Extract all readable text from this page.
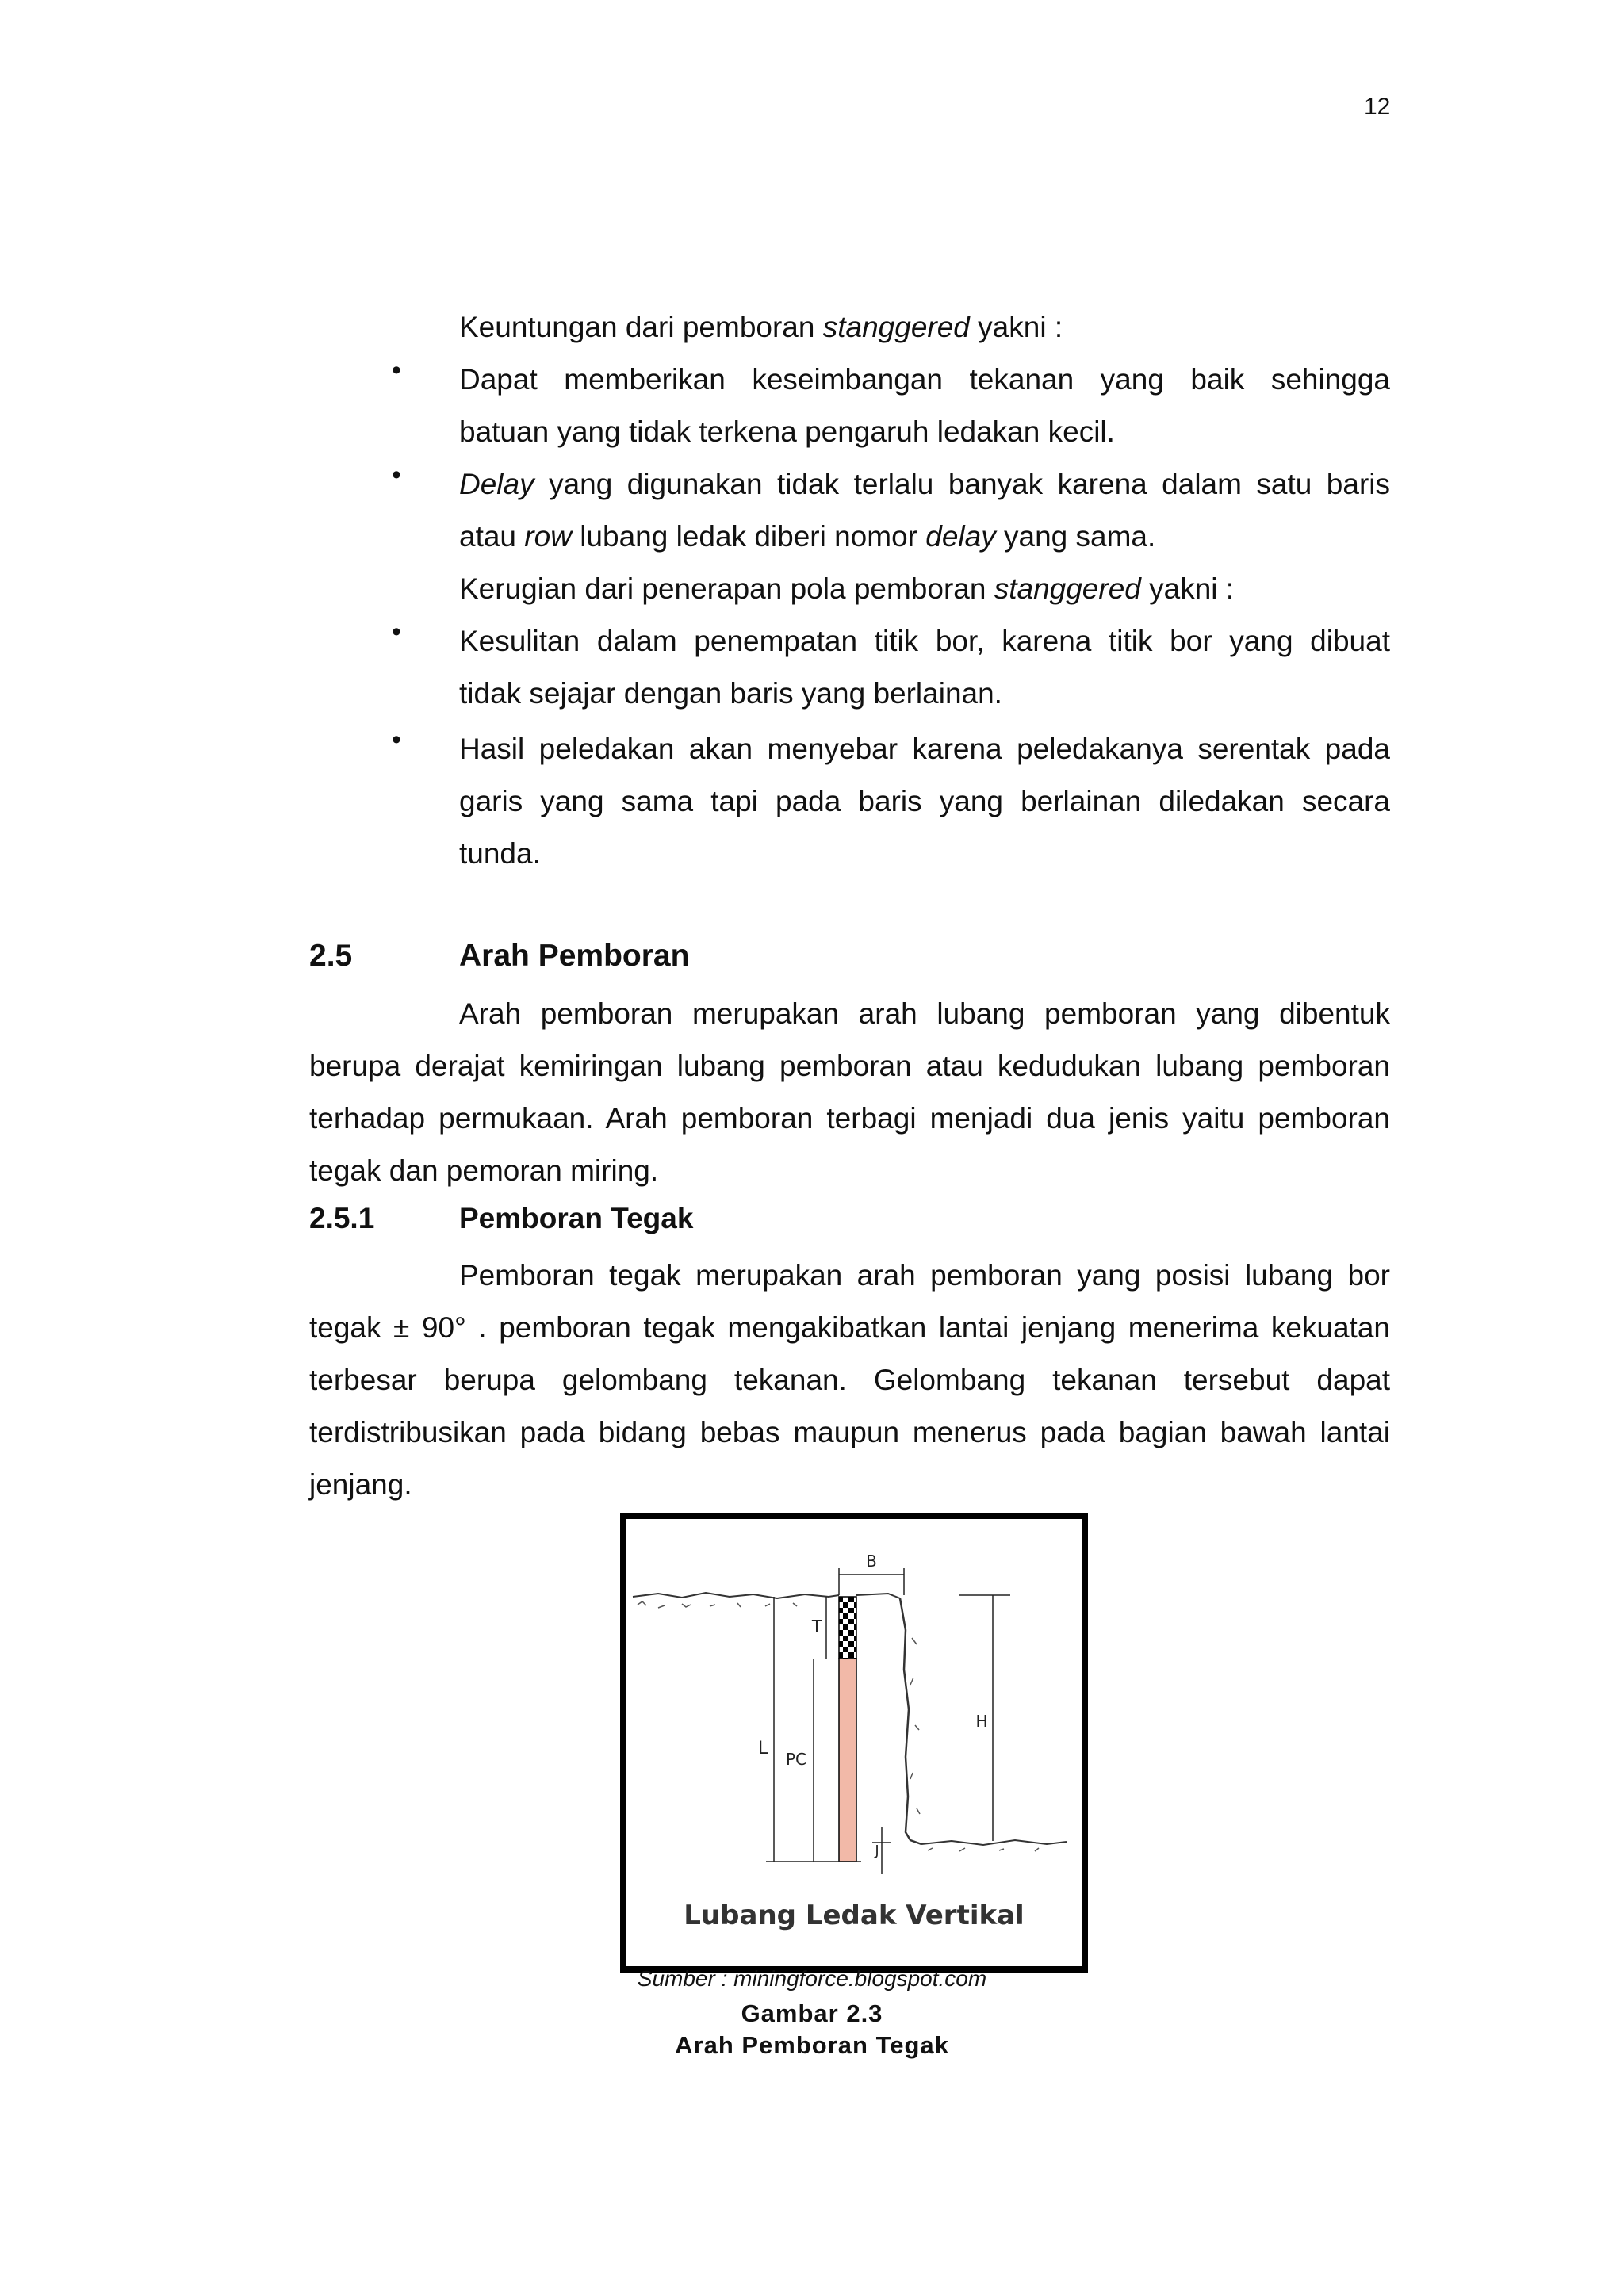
12
Keuntungan dari pemboran stanggered yakni :
• Dapat memberikan keseimbangan tekanan yang baik sehingga
batuan yang tidak terkena pengaruh ledakan kecil.
• Delay yang digunakan tidak terlalu banyak karena dalam satu baris
atau row lubang ledak diberi nomor delay yang sama.
Kerugian dari penerapan pola pemboran stanggered yakni :
• Kesulitan dalam penempatan titik bor, karena titik bor yang dibuat
tidak sejajar dengan baris yang berlainan.
• Hasil peledakan akan menyebar karena peledakanya serentak pada
garis yang sama tapi pada baris yang berlainan diledakan secara
tunda.
2.5	Arah Pemboran
Arah pemboran merupakan arah lubang pemboran yang dibentuk
berupa derajat kemiringan lubang pemboran atau kedudukan lubang pemboran
terhadap permukaan. Arah pemboran terbagi menjadi dua jenis yaitu pemboran
tegak dan pemoran miring.
2.5.1	Pemboran Tegak
Pemboran tegak merupakan arah pemboran yang posisi lubang bor
tegak ± 90° . pemboran tegak mengakibatkan lantai jenjang menerima kekuatan
terbesar berupa gelombang tekanan. Gelombang tekanan tersebut dapat
terdistribusikan pada bidang bebas maupun menerus pada bagian bawah lantai
jenjang.
B
T
PC
L
H
J
Lubang Ledak Vertikal
Sumber : miningforce.blogspot.com
Gambar 2.3
Arah Pemboran Tegak
